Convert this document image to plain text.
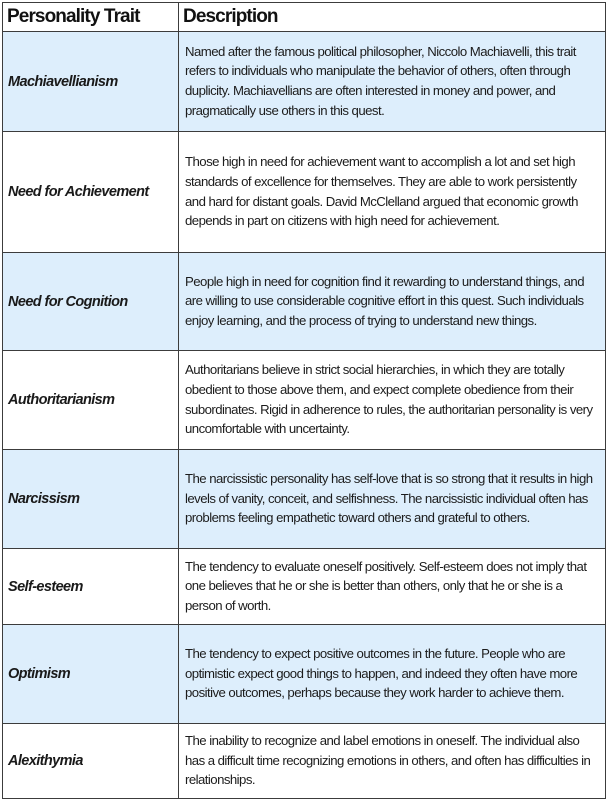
Personality Trait	Description
Machiavellianism	Named after the famous political philosopher, Niccolo Machiavelli, this trait refers to individuals who manipulate the behavior of others, often through duplicity. Machiavellians are often interested in money and power, and pragmatically use others in this quest.
Need for Achievement	Those high in need for achievement want to accomplish a lot and set high standards of excellence for themselves. They are able to work persistently and hard for distant goals. David McClelland argued that economic growth depends in part on citizens with high need for achievement.
Need for Cognition	People high in need for cognition find it rewarding to understand things, and are willing to use considerable cognitive effort in this quest. Such individuals enjoy learning, and the process of trying to understand new things.
Authoritarianism	Authoritarians believe in strict social hierarchies, in which they are totally obedient to those above them, and expect complete obedience from their subordinates. Rigid in adherence to rules, the authoritarian personality is very uncomfortable with uncertainty.
Narcissism	The narcissistic personality has self-love that is so strong that it results in high levels of vanity, conceit, and selfishness. The narcissistic individual often has problems feeling empathetic toward others and grateful to others.
Self-esteem	The tendency to evaluate oneself positively. Self-esteem does not imply that one believes that he or she is better than others, only that he or she is a person of worth.
Optimism	The tendency to expect positive outcomes in the future. People who are optimistic expect good things to happen, and indeed they often have more positive outcomes, perhaps because they work harder to achieve them.
Alexithymia	The inability to recognize and label emotions in oneself. The individual also has a difficult time recognizing emotions in others, and often has difficulties in relationships.
